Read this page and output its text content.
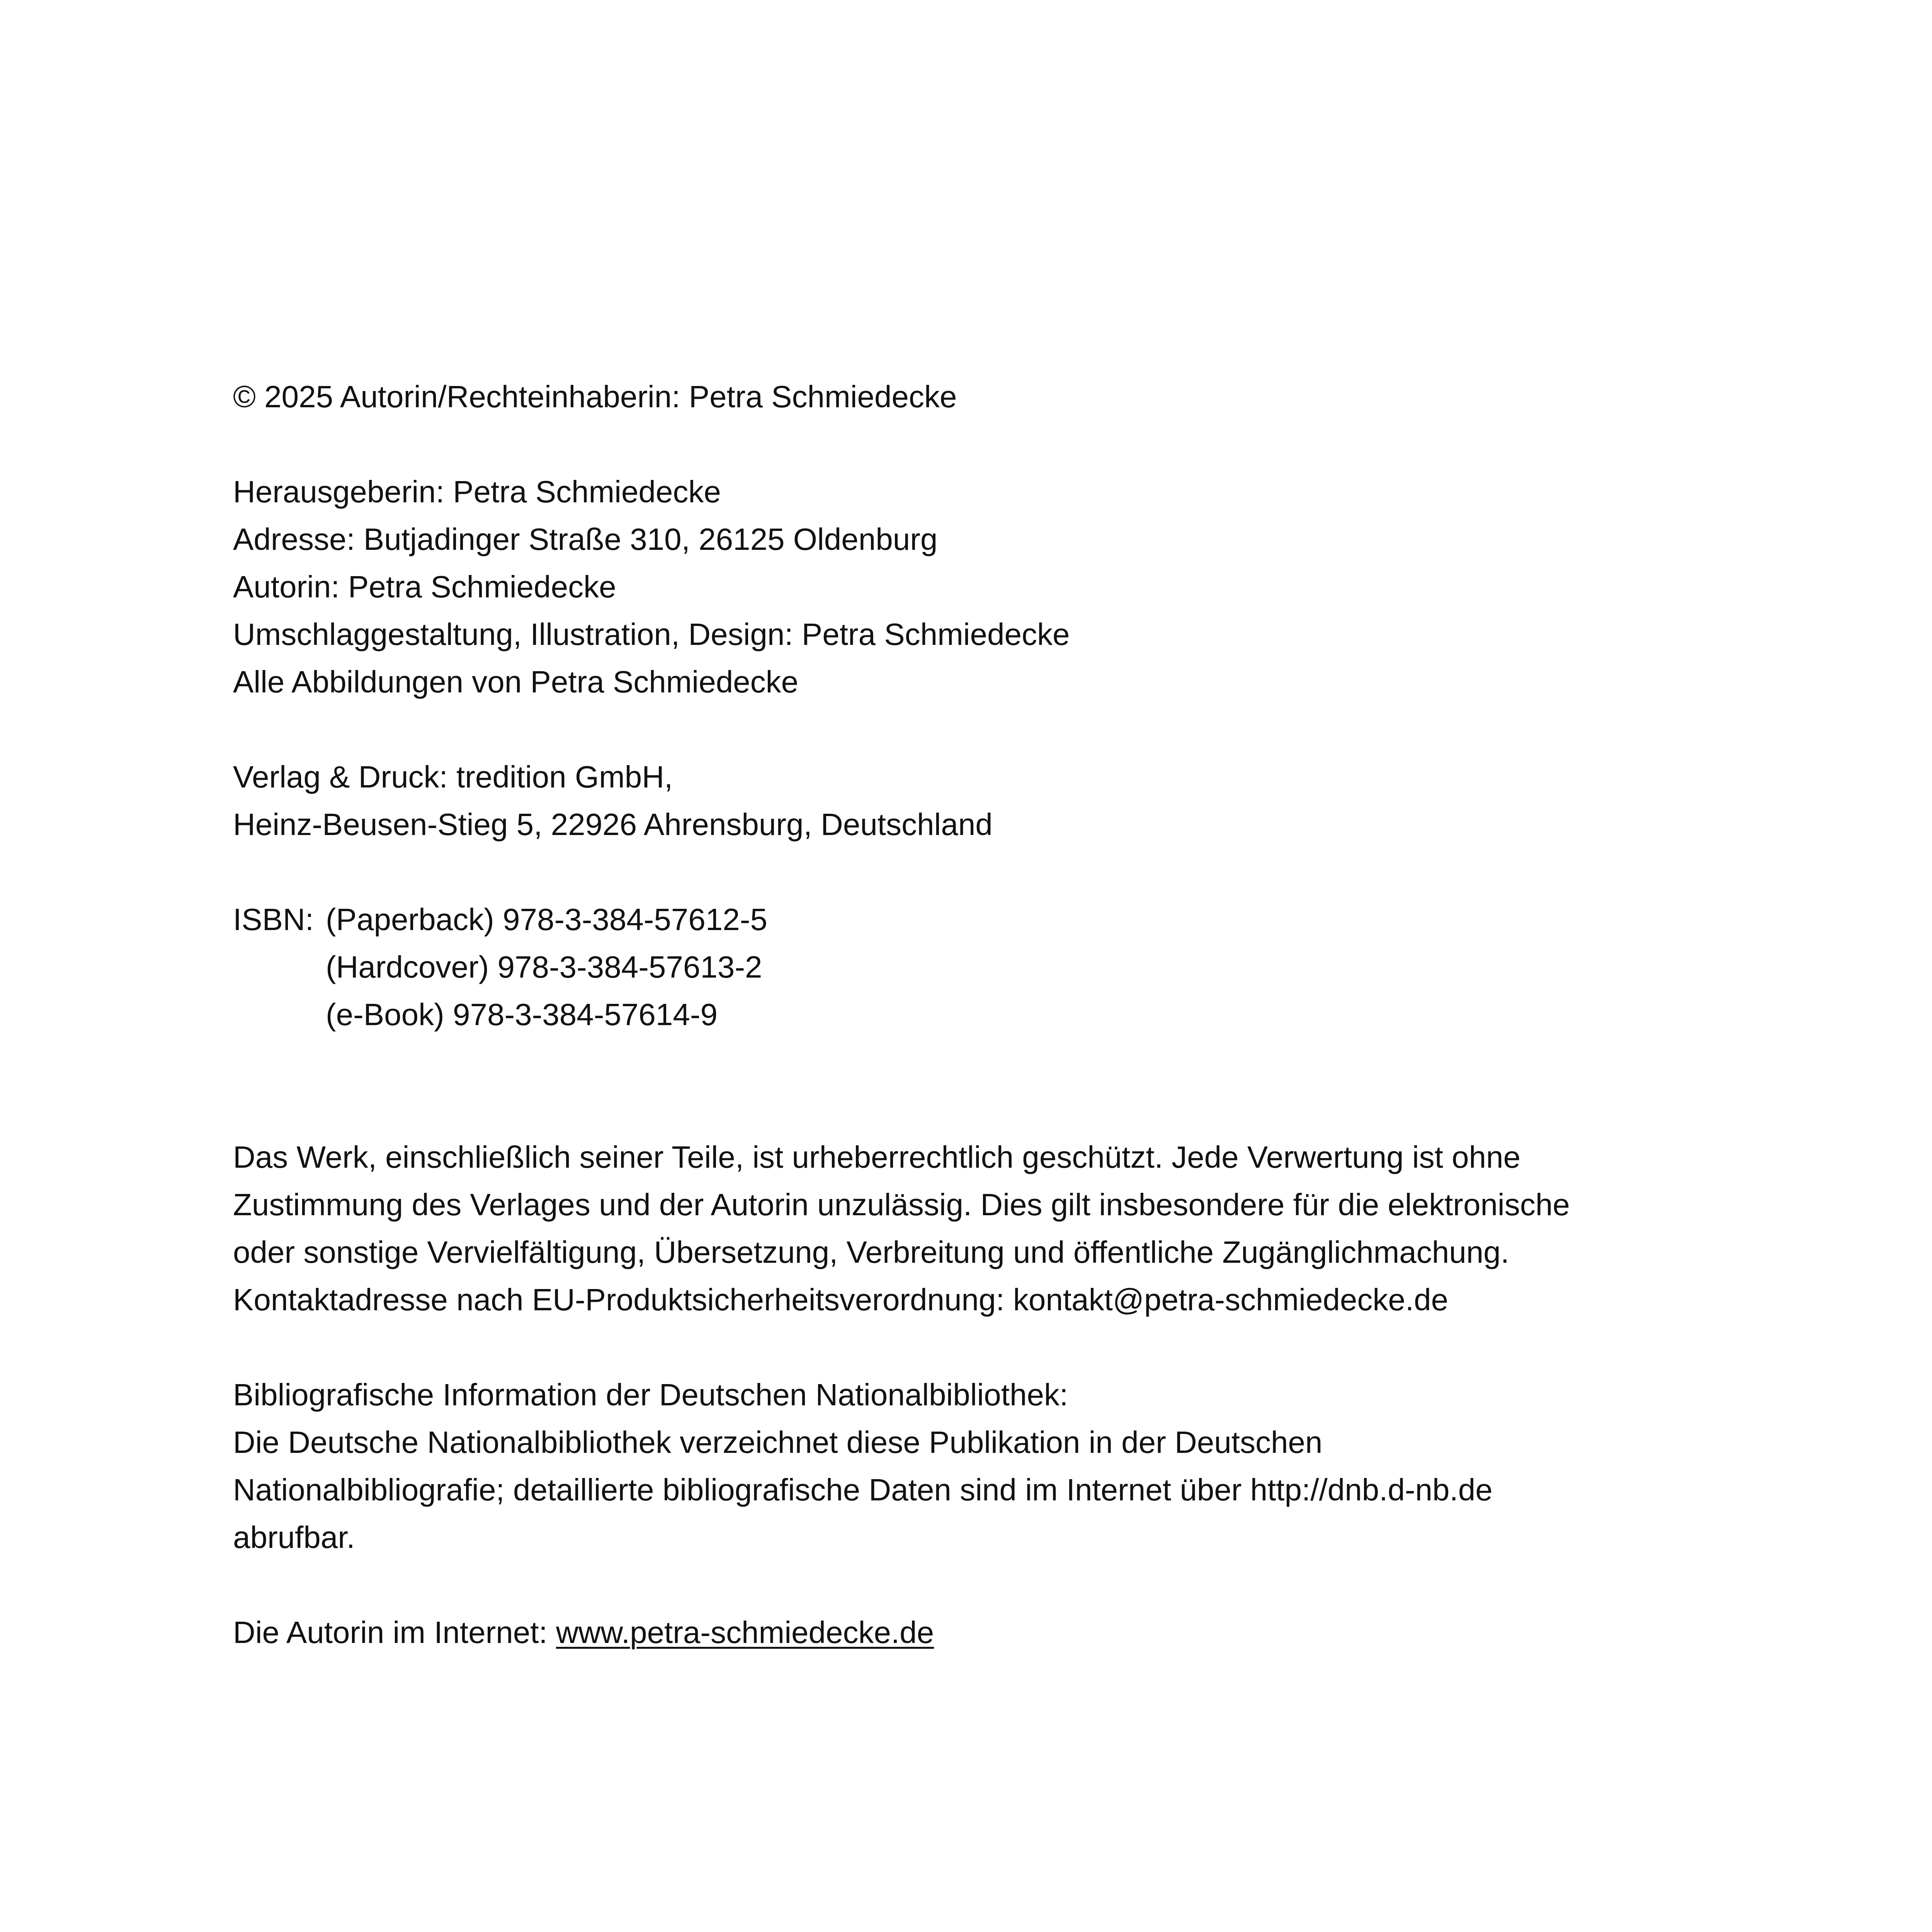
© 2025 Autorin/Rechteinhaberin: Petra Schmiedecke
Herausgeberin: Petra Schmiedecke
Adresse: Butjadinger Straße 310, 26125 Oldenburg
Autorin: Petra Schmiedecke
Umschlaggestaltung, Illustration, Design: Petra Schmiedecke
Alle Abbildungen von Petra Schmiedecke
Verlag & Druck: tredition GmbH,
Heinz-Beusen-Stieg 5, 22926 Ahrensburg, Deutschland
ISBN: (Paperback) 978-3-384-57612-5
(Hardcover) 978-3-384-57613-2
(e-Book) 978-3-384-57614-9
Das Werk, einschließlich seiner Teile, ist urheberrechtlich geschützt. Jede Verwertung ist ohne
Zustimmung des Verlages und der Autorin unzulässig. Dies gilt insbesondere für die elektronische
oder sonstige Vervielfältigung, Übersetzung, Verbreitung und öffentliche Zugänglichmachung.
Kontaktadresse nach EU-Produktsicherheitsverordnung: kontakt@petra-schmiedecke.de
Bibliografische Information der Deutschen Nationalbibliothek:
Die Deutsche Nationalbibliothek verzeichnet diese Publikation in der Deutschen
Nationalbibliografie; detaillierte bibliografische Daten sind im Internet über http://dnb.d-nb.de
abrufbar.
Die Autorin im Internet: www.petra-schmiedecke.de
